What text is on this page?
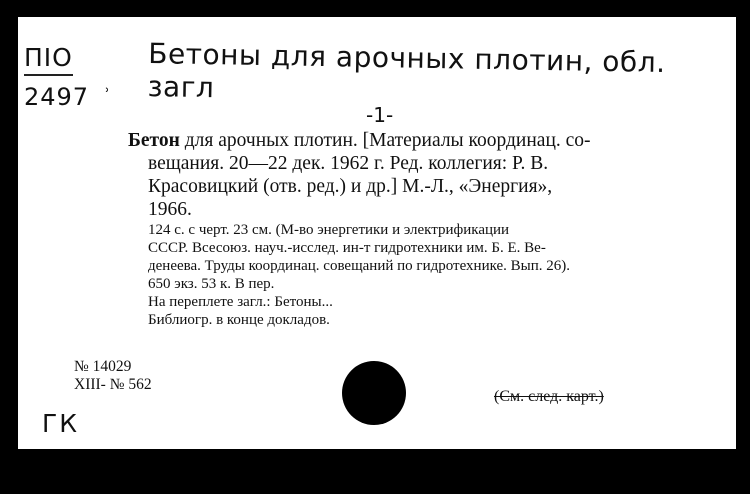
ПІО
2497 ʾ
Бетоны для арочных плотин, обл. загл
-1-
Бетон для арочных плотин. [Материалы координац. со-
вещания. 20—22 дек. 1962 г. Ред. коллегия: Р. В.
Красовицкий (отв. ред.) и др.] М.-Л., «Энергия»,
1966.
124 с. с черт. 23 см. (М-во энергетики и электрификации
СССР. Всесоюз. науч.-исслед. ин-т гидротехники им. Б. Е. Ве-
денеева. Труды координац. совещаний по гидротехнике. Вып. 26).
650 экз. 53 к. В пер.
На переплете загл.: Бетоны...
Библиогр. в конце докладов.
№ 14029
XIII- № 562
(См. след. карт.)
ГК
